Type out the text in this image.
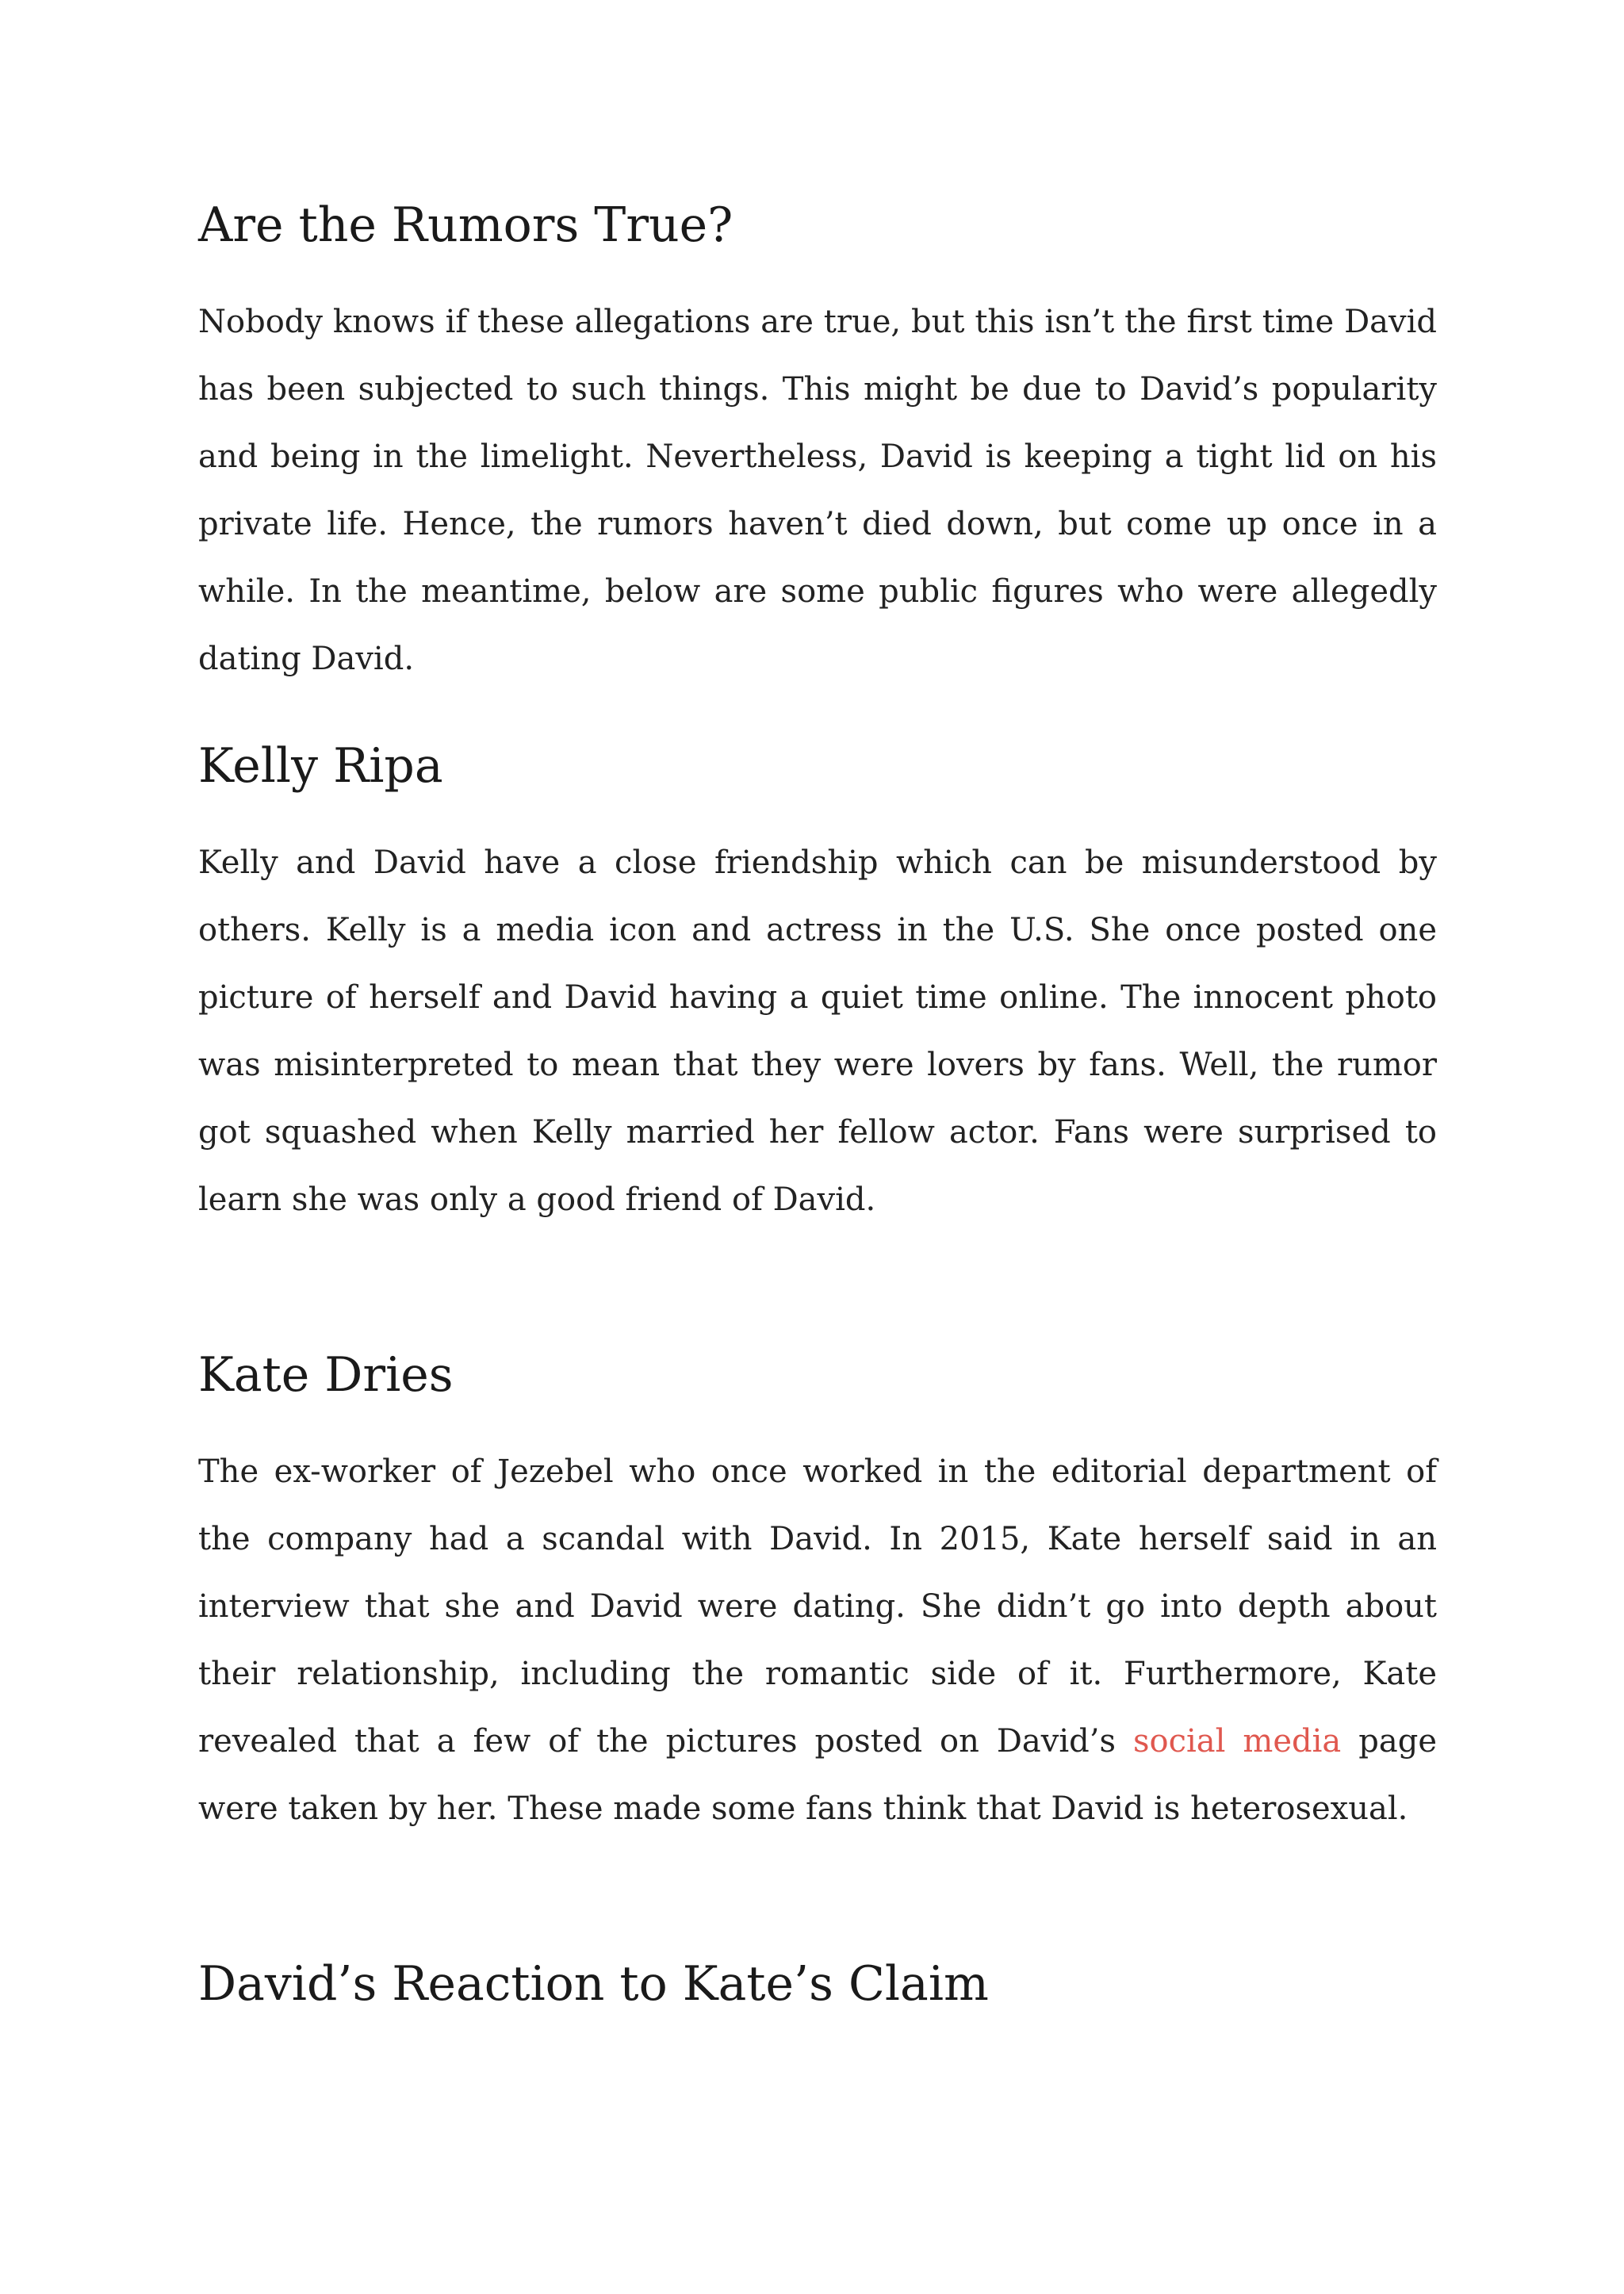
Are the Rumors True?

Nobody knows if these allegations are true, but this isn’t the first time David has been subjected to such things. This might be due to David’s popularity and being in the limelight. Nevertheless, David is keeping a tight lid on his private life. Hence, the rumors haven’t died down, but come up once in a while. In the meantime, below are some public figures who were allegedly dating David.

Kelly Ripa

Kelly and David have a close friendship which can be misunderstood by others. Kelly is a media icon and actress in the U.S. She once posted one picture of herself and David having a quiet time online. The innocent photo was misinterpreted to mean that they were lovers by fans. Well, the rumor got squashed when Kelly married her fellow actor. Fans were surprised to learn she was only a good friend of David.

Kate Dries

The ex-worker of Jezebel who once worked in the editorial department of the company had a scandal with David. In 2015, Kate herself said in an interview that she and David were dating. She didn’t go into depth about their relationship, including the romantic side of it. Furthermore, Kate revealed that a few of the pictures posted on David’s social media page were taken by her. These made some fans think that David is heterosexual.

David’s Reaction to Kate’s Claim
